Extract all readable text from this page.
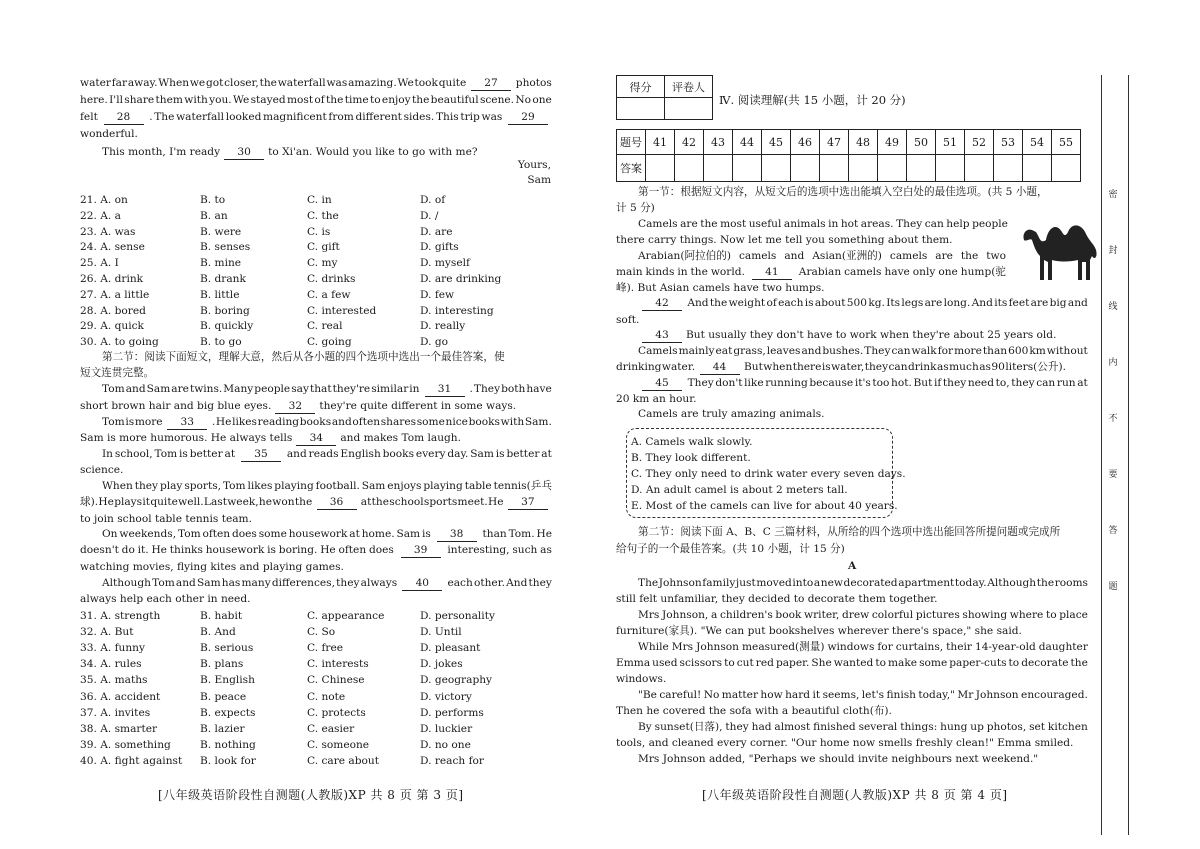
water far away. When we got closer, the waterfall was amazing. We took quite	27	photos
here. I'll share them with you. We stayed most of the time to enjoy the beautiful scene. No one
felt	28	. The waterfall looked magnificent from different sides. This trip was	29
wonderful.
This month, I'm ready 30 to Xi'an. Would you like to go with me?
Yours,
Sam
21. A. on	B. to	C. in	D. of
22. A. a	B. an	C. the	D. /
23. A. was	B. were	C. is	D. are
24. A. sense	B. senses	C. gift	D. gifts
25. A. I	B. mine	C. my	D. myself
26. A. drink	B. drank	C. drinks	D. are drinking
27. A. a little	B. little	C. a few	D. few
28. A. bored	B. boring	C. interested	D. interesting
29. A. quick	B. quickly	C. real	D. really
30. A. to going	B. to go	C. going	D. go
第二节：阅读下面短文，理解大意，然后从各小题的四个选项中选出一个最佳答案，使
短文连贯完整。
Tom and Sam are twins. Many people say that they're similar in	31	. They both have
short brown hair and big blue eyes. 32 they're quite different in some ways.
Tom is more	33	. He likes reading books and often shares some nice books with Sam.
Sam is more humorous. He always tells 34 and makes Tom laugh.
In school, Tom is better at	35	and reads English books every day. Sam is better at
science.
When they play sports, Tom likes playing football. Sam enjoys playing table tennis(乒乓
球). He plays it quite well. Last week, he won the	36	at the school sports meet. He	37
to join school table tennis team.
On weekends, Tom often does some housework at home. Sam is	38	than Tom. He
doesn't do it. He thinks housework is boring. He often does	39	interesting, such as
watching movies, flying kites and playing games.
Although Tom and Sam has many differences, they always	40	each other. And they
always help each other in need.
31. A. strength	B. habit	C. appearance	D. personality
32. A. But	B. And	C. So	D. Until
33. A. funny	B. serious	C. free	D. pleasant
34. A. rules	B. plans	C. interests	D. jokes
35. A. maths	B. English	C. Chinese	D. geography
36. A. accident	B. peace	C. note	D. victory
37. A. invites	B. expects	C. protects	D. performs
38. A. smarter	B. lazier	C. easier	D. luckier
39. A. something	B. nothing	C. someone	D. no one
40. A. fight against B. look for	C. care about	D. reach for
[八年级英语阶段性自测题(人教版)XP 共 8 页 第 3 页]
得分	评卷人

Ⅳ. 阅读理解(共 15 小题，计 20 分)
题号	41	42	43	44	45	46	47	48	49	50	51	52	53	54	55
答案															
第一节：根据短文内容，从短文后的选项中选出能填入空白处的最佳选项。(共 5 小题，
计 5 分)
Camels are the most useful animals in hot areas. They can help people
there carry things. Now let me tell you something about them.
Arabian(阿拉伯的) camels and Asian(亚洲的) camels are the two
main kinds in the world.	41	Arabian camels have only one hump(驼
峰). But Asian camels have two humps.
42	And the weight of each is about 500 kg. Its legs are long. And its feet are big and
soft.
43 But usually they don't have to work when they're about 25 years old.
Camels mainly eat grass, leaves and bushes. They can walk for more than 600 km without
drinking water.	44	But when there is water, they can drink as much as 90 liters(公升).
45	They don't like running because it's too hot. But if they need to, they can run at
20 km an hour.
Camels are truly amazing animals.
A. Camels walk slowly.
B. They look different.
C. They only need to drink water every seven days.
D. An adult camel is about 2 meters tall.
E. Most of the camels can live for about 40 years.
第二节：阅读下面 A、B、C 三篇材料，从所给的四个选项中选出能回答所提问题或完成所
给句子的一个最佳答案。(共 10 小题，计 15 分)
A
The Johnson family just moved into a new decorated apartment today. Although the rooms
still felt unfamiliar, they decided to decorate them together.
Mrs Johnson, a children's book writer, drew colorful pictures showing where to place
furniture(家具). "We can put bookshelves wherever there's space," she said.
While Mrs Johnson measured(测量) windows for curtains, their 14-year-old daughter
Emma used scissors to cut red paper. She wanted to make some paper-cuts to decorate the
windows.
"Be careful! No matter how hard it seems, let's finish today," Mr Johnson encouraged.
Then he covered the sofa with a beautiful cloth(布).
By sunset(日落), they had almost finished several things: hung up photos, set kitchen
tools, and cleaned every corner. "Our home now smells freshly clean!" Emma smiled.
Mrs Johnson added, "Perhaps we should invite neighbours next weekend."
[八年级英语阶段性自测题(人教版)XP 共 8 页 第 4 页]
密
封
线
内
不
要
答
题
